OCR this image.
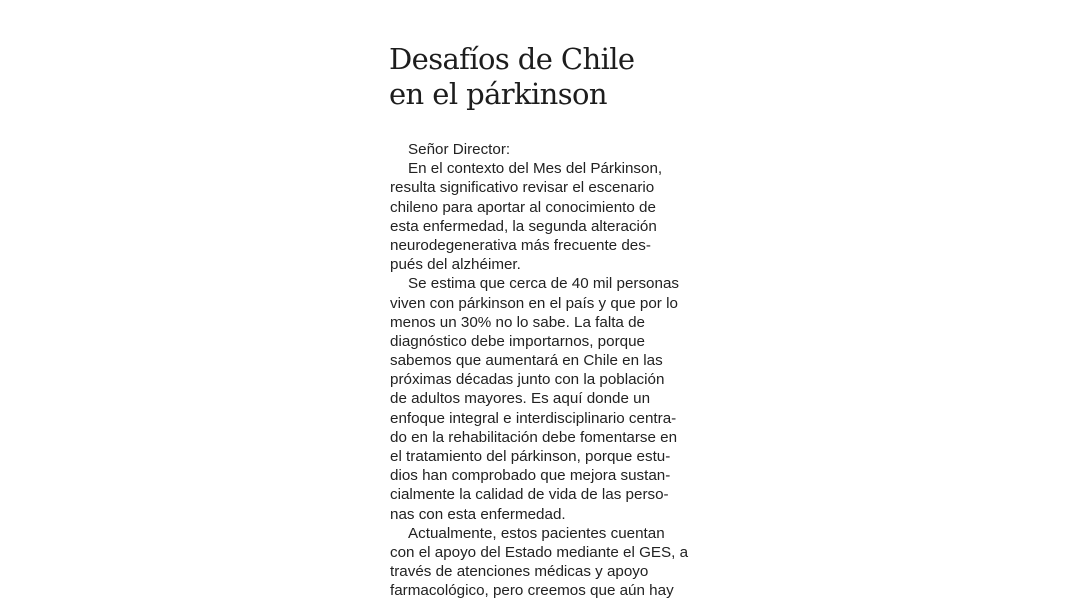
Desafíos de Chile
en el párkinson
Señor Director:
En el contexto del Mes del Párkinson,
resulta significativo revisar el escenario
chileno para aportar al conocimiento de
esta enfermedad, la segunda alteración
neurodegenerativa más frecuente des-
pués del alzhéimer.
Se estima que cerca de 40 mil personas
viven con párkinson en el país y que por lo
menos un 30% no lo sabe. La falta de
diagnóstico debe importarnos, porque
sabemos que aumentará en Chile en las
próximas décadas junto con la población
de adultos mayores. Es aquí donde un
enfoque integral e interdisciplinario centra-
do en la rehabilitación debe fomentarse en
el tratamiento del párkinson, porque estu-
dios han comprobado que mejora sustan-
cialmente la calidad de vida de las perso-
nas con esta enfermedad.
Actualmente, estos pacientes cuentan
con el apoyo del Estado mediante el GES, a
través de atenciones médicas y apoyo
farmacológico, pero creemos que aún hay
